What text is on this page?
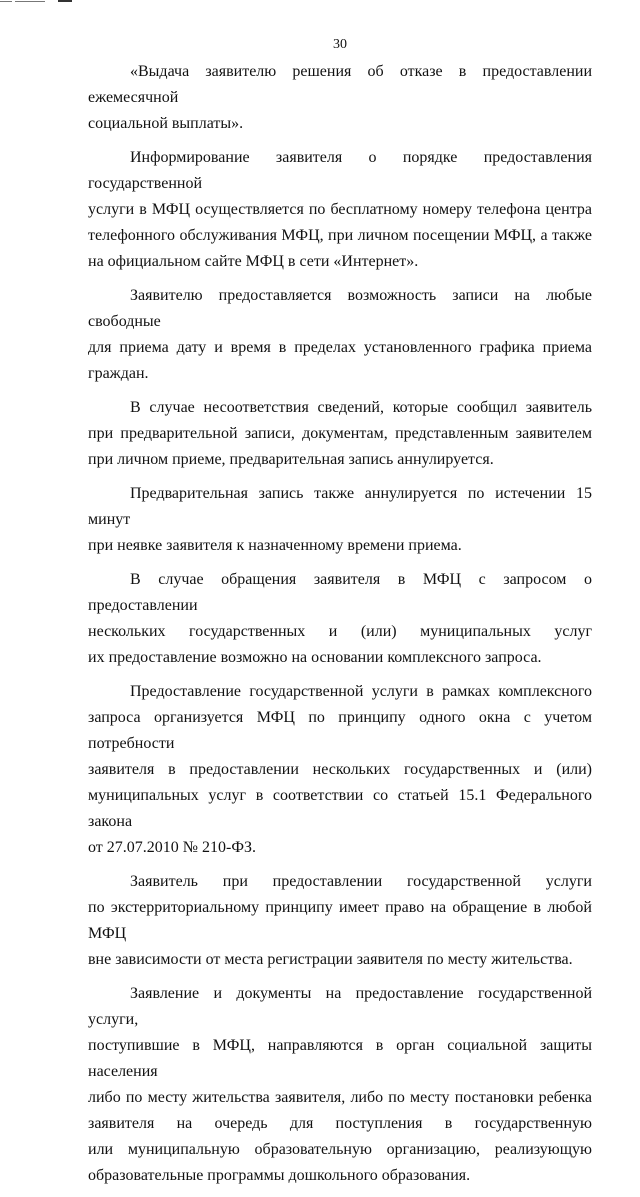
30

«Выдача заявителю решения об отказе в предоставлении ежемесячной
социальной выплаты».

Информирование заявителя о порядке предоставления государственной
услуги в МФЦ осуществляется по бесплатному номеру телефона центра
телефонного обслуживания МФЦ, при личном посещении МФЦ, а также
на официальном сайте МФЦ в сети «Интернет».

Заявителю предоставляется возможность записи на любые свободные
для приема дату и время в пределах установленного графика приема
граждан.

В случае несоответствия сведений, которые сообщил заявитель
при предварительной записи, документам, представленным заявителем
при личном приеме, предварительная запись аннулируется.

Предварительная запись также аннулируется по истечении 15 минут
при неявке заявителя к назначенному времени приема.

В случае обращения заявителя в МФЦ с запросом о предоставлении
нескольких государственных и (или) муниципальных услуг
их предоставление возможно на основании комплексного запроса.

Предоставление государственной услуги в рамках комплексного
запроса организуется МФЦ по принципу одного окна с учетом потребности
заявителя в предоставлении нескольких государственных и (или)
муниципальных услуг в соответствии со статьей 15.1 Федерального закона
от 27.07.2010 № 210-ФЗ.

Заявитель при предоставлении государственной услуги
по экстерриториальному принципу имеет право на обращение в любой МФЦ
вне зависимости от места регистрации заявителя по месту жительства.

Заявление и документы на предоставление государственной услуги,
поступившие в МФЦ, направляются в орган социальной защиты населения
либо по месту жительства заявителя, либо по месту постановки ребенка
заявителя на очередь для поступления в государственную
или муниципальную образовательную организацию, реализующую
образовательные программы дошкольного образования.
